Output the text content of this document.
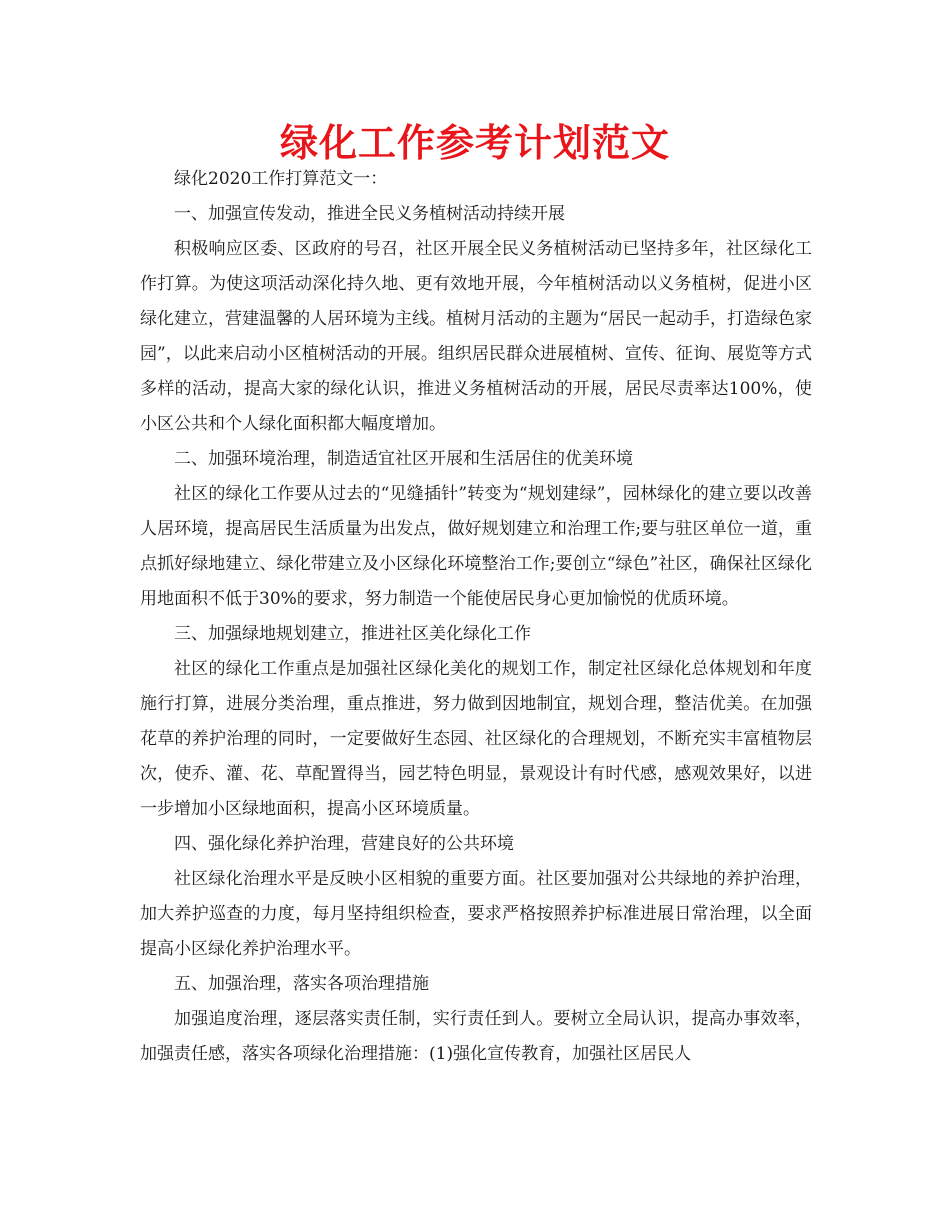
绿化工作参考计划范文

绿化2020工作打算范文一：

一、加强宣传发动，推进全民义务植树活动持续开展

积极响应区委、区政府的号召，社区开展全民义务植树活动已坚持多年，社区绿化工作打算。为使这项活动深化持久地、更有效地开展，今年植树活动以义务植树，促进小区绿化建立，营建温馨的人居环境为主线。植树月活动的主题为“居民一起动手，打造绿色家园”，以此来启动小区植树活动的开展。组织居民群众进展植树、宣传、征询、展览等方式多样的活动，提高大家的绿化认识，推进义务植树活动的开展，居民尽责率达100%，使小区公共和个人绿化面积都大幅度增加。

二、加强环境治理，制造适宜社区开展和生活居住的优美环境

社区的绿化工作要从过去的“见缝插针”转变为“规划建绿”，园林绿化的建立要以改善人居环境，提高居民生活质量为出发点，做好规划建立和治理工作;要与驻区单位一道，重点抓好绿地建立、绿化带建立及小区绿化环境整治工作;要创立“绿色”社区，确保社区绿化用地面积不低于30%的要求，努力制造一个能使居民身心更加愉悦的优质环境。

三、加强绿地规划建立，推进社区美化绿化工作

社区的绿化工作重点是加强社区绿化美化的规划工作，制定社区绿化总体规划和年度施行打算，进展分类治理，重点推进，努力做到因地制宜，规划合理，整洁优美。在加强花草的养护治理的同时，一定要做好生态园、社区绿化的合理规划，不断充实丰富植物层次，使乔、灌、花、草配置得当，园艺特色明显，景观设计有时代感，感观效果好，以进一步增加小区绿地面积，提高小区环境质量。

四、强化绿化养护治理，营建良好的公共环境

社区绿化治理水平是反映小区相貌的重要方面。社区要加强对公共绿地的养护治理，加大养护巡查的力度，每月坚持组织检查，要求严格按照养护标准进展日常治理，以全面提高小区绿化养护治理水平。

五、加强治理，落实各项治理措施

加强追度治理，逐层落实责任制，实行责任到人。要树立全局认识，提高办事效率，加强责任感，落实各项绿化治理措施：(1)强化宣传教育，加强社区居民人
